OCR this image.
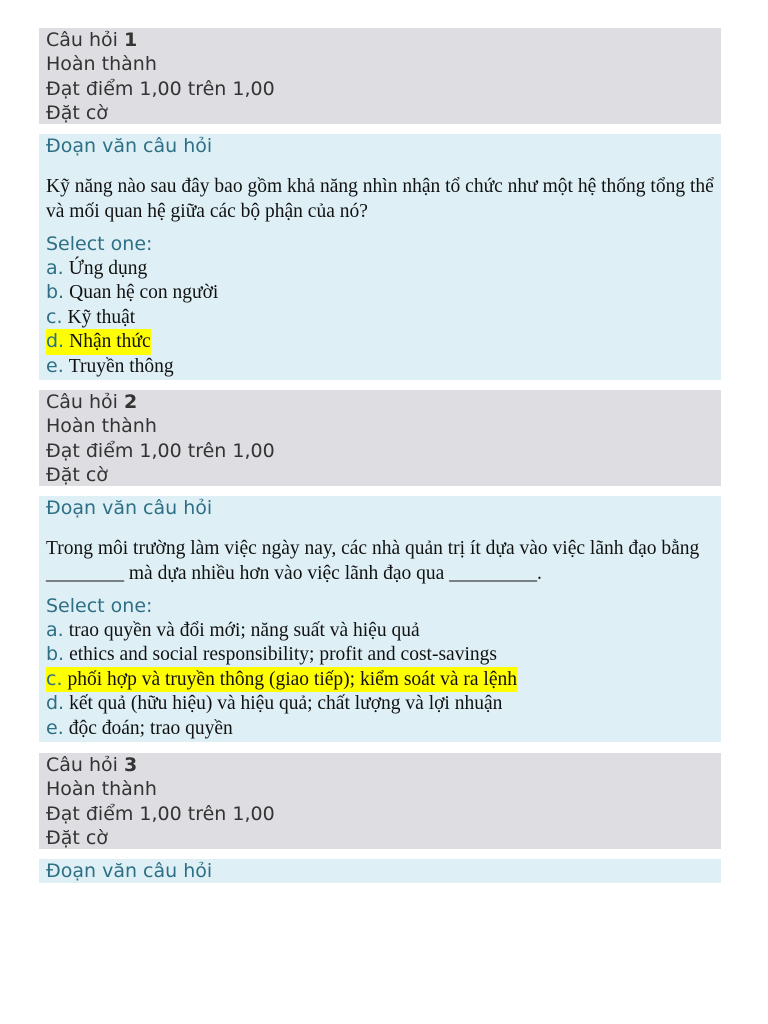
Câu hỏi 1
Hoàn thành
Đạt điểm 1,00 trên 1,00
Đặt cờ
Đoạn văn câu hỏi
Kỹ năng nào sau đây bao gồm khả năng nhìn nhận tổ chức như một hệ thống tổng thể và mối quan hệ giữa các bộ phận của nó?
Select one:
a. Ứng dụng
b. Quan hệ con người
c. Kỹ thuật
d. Nhận thức
e. Truyền thông
Câu hỏi 2
Hoàn thành
Đạt điểm 1,00 trên 1,00
Đặt cờ
Đoạn văn câu hỏi
Trong môi trường làm việc ngày nay, các nhà quản trị ít dựa vào việc lãnh đạo bằng ________ mà dựa nhiều hơn vào việc lãnh đạo qua _________.
Select one:
a. trao quyền và đổi mới; năng suất và hiệu quả
b. ethics and social responsibility; profit and cost-savings
c. phối hợp và truyền thông (giao tiếp); kiểm soát và ra lệnh
d. kết quả (hữu hiệu) và hiệu quả; chất lượng và lợi nhuận
e. độc đoán; trao quyền
Câu hỏi 3
Hoàn thành
Đạt điểm 1,00 trên 1,00
Đặt cờ
Đoạn văn câu hỏi
